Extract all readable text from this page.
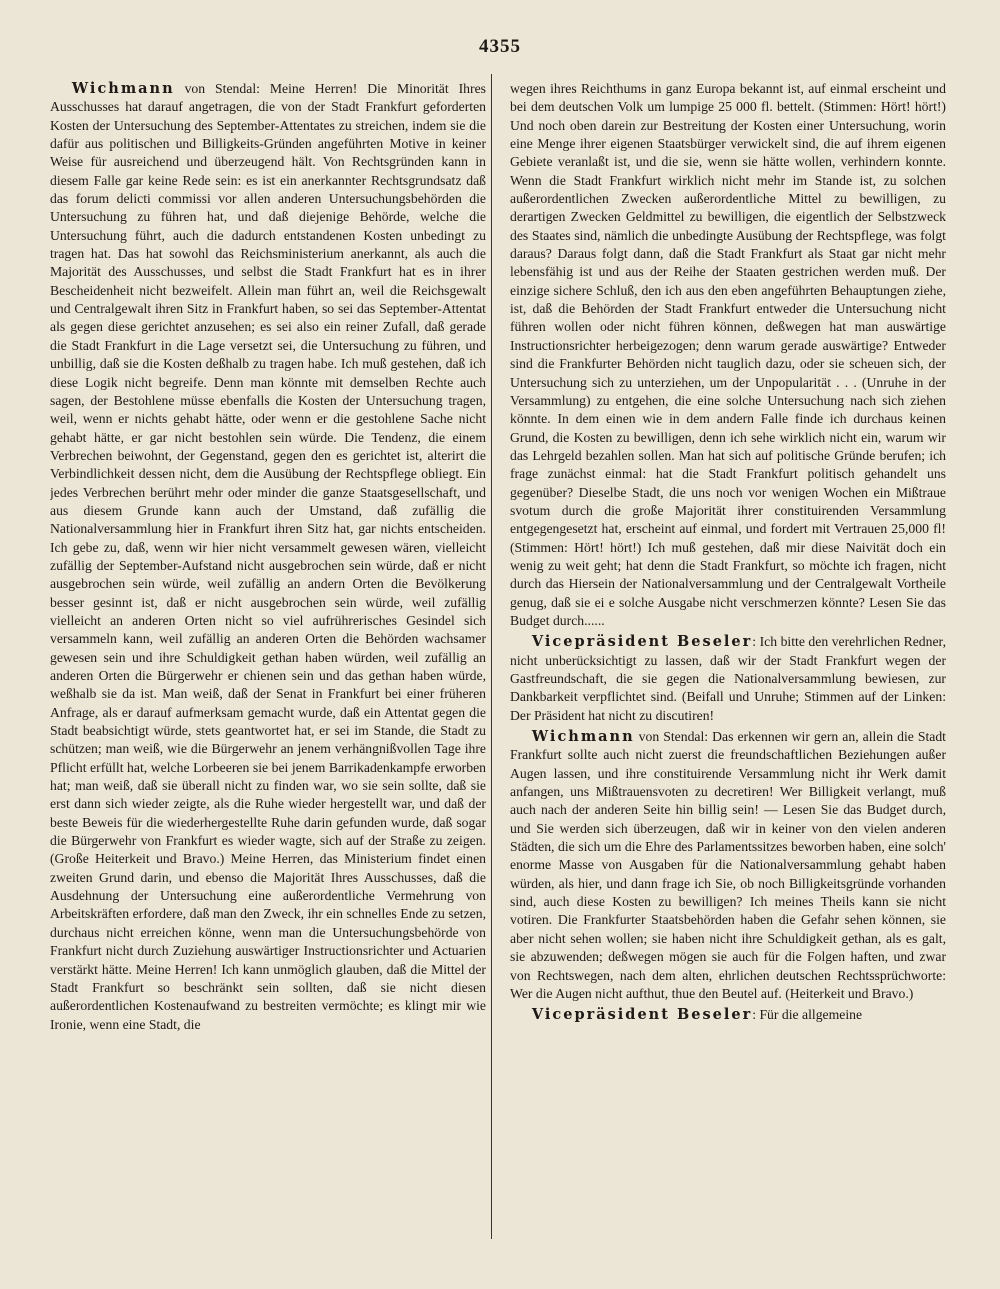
4355

Wichmann von Stendal: Meine Herren! Die Minorität Ihres Ausschusses hat darauf angetragen, die von der Stadt Frankfurt geforderten Kosten der Untersuchung des September-Attentates zu streichen, indem sie die dafür aus politischen und Billigkeits-Gründen angeführten Motive in keiner Weise für ausreichend und überzeugend hält. Von Rechtsgründen kann in diesem Falle gar keine Rede sein: es ist ein anerkannter Rechtsgrundsatz daß das forum delicti commissi vor allen anderen Untersuchungsbehörden die Untersuchung zu führen hat, und daß diejenige Behörde, welche die Untersuchung führt, auch die dadurch entstandenen Kosten unbedingt zu tragen hat. Das hat sowohl das Reichsministerium anerkannt, als auch die Majorität des Ausschusses, und selbst die Stadt Frankfurt hat es in ihrer Bescheidenheit nicht bezweifelt. Allein man führt an, weil die Reichsgewalt und Centralgewalt ihren Sitz in Frankfurt haben, so sei das September-Attentat als gegen diese gerichtet anzusehen; es sei also ein reiner Zufall, daß gerade die Stadt Frankfurt in die Lage versetzt sei, die Untersuchung zu führen, und unbillig, daß sie die Kosten deßhalb zu tragen habe. Ich muß gestehen, daß ich diese Logik nicht begreife. Denn man könnte mit demselben Rechte auch sagen, der Bestohlene müsse ebenfalls die Kosten der Untersuchung tragen, weil, wenn er nichts gehabt hätte, oder wenn er die gestohlene Sache nicht gehabt hätte, er gar nicht bestohlen sein würde. Die Tendenz, die einem Verbrechen beiwohnt, der Gegenstand, gegen den es gerichtet ist, alterirt die Verbindlichkeit dessen nicht, dem die Ausübung der Rechtspflege obliegt. Ein jedes Verbrechen berührt mehr oder minder die ganze Staatsgesellschaft, und aus diesem Grunde kann auch der Umstand, daß zufällig die Nationalversammlung hier in Frankfurt ihren Sitz hat, gar nichts entscheiden. Ich gebe zu, daß, wenn wir hier nicht versammelt gewesen wären, vielleicht zufällig der September-Aufstand nicht ausgebrochen sein würde, daß er nicht ausgebrochen sein würde, weil zufällig an andern Orten die Bevölkerung besser gesinnt ist, daß er nicht ausgebrochen sein würde, weil zufällig vielleicht an anderen Orten nicht so viel aufrührerisches Gesindel sich versammeln kann, weil zufällig an anderen Orten die Behörden wachsamer gewesen sein und ihre Schuldigkeit gethan haben würden, weil zufällig an anderen Orten die Bürgerwehr er chienen sein und das gethan haben würde, weßhalb sie da ist. Man weiß, daß der Senat in Frankfurt bei einer früheren Anfrage, als er darauf aufmerksam gemacht wurde, daß ein Attentat gegen die Stadt beabsichtigt würde, stets geantwortet hat, er sei im Stande, die Stadt zu schützen; man weiß, wie die Bürgerwehr an jenem verhängnißvollen Tage ihre Pflicht erfüllt hat, welche Lorbeeren sie bei jenem Barrikadenkampfe erworben hat; man weiß, daß sie überall nicht zu finden war, wo sie sein sollte, daß sie erst dann sich wieder zeigte, als die Ruhe wieder hergestellt war, und daß der beste Beweis für die wiederhergestellte Ruhe darin gefunden wurde, daß sogar die Bürgerwehr von Frankfurt es wieder wagte, sich auf der Straße zu zeigen. (Große Heiterkeit und Bravo.) Meine Herren, das Ministerium findet einen zweiten Grund darin, und ebenso die Majorität Ihres Ausschusses, daß die Ausdehnung der Untersuchung eine außerordentliche Vermehrung von Arbeitskräften erfordere, daß man den Zweck, ihr ein schnelles Ende zu setzen, durchaus nicht erreichen könne, wenn man die Untersuchungsbehörde von Frankfurt nicht durch Zuziehung auswärtiger Instructionsrichter und Actuarien verstärkt hätte. Meine Herren! Ich kann unmöglich glauben, daß die Mittel der Stadt Frankfurt so beschränkt sein sollten, daß sie nicht diesen außerordentlichen Kostenaufwand zu bestreiten vermöchte; es klingt mir wie Ironie, wenn eine Stadt, die

wegen ihres Reichthums in ganz Europa bekannt ist, auf einmal erscheint und bei dem deutschen Volk um lumpige 25 000 fl. bettelt. (Stimmen: Hört! hört!) Und noch oben darein zur Bestreitung der Kosten einer Untersuchung, worin eine Menge ihrer eigenen Staatsbürger verwickelt sind, die auf ihrem eigenen Gebiete veranlaßt ist, und die sie, wenn sie hätte wollen, verhindern konnte. Wenn die Stadt Frankfurt wirklich nicht mehr im Stande ist, zu solchen außerordentlichen Zwecken außerordentliche Mittel zu bewilligen, zu derartigen Zwecken Geldmittel zu bewilligen, die eigentlich der Selbstzweck des Staates sind, nämlich die unbedingte Ausübung der Rechtspflege, was folgt daraus? Daraus folgt dann, daß die Stadt Frankfurt als Staat gar nicht mehr lebensfähig ist und aus der Reihe der Staaten gestrichen werden muß. Der einzige sichere Schluß, den ich aus den eben angeführten Behauptungen ziehe, ist, daß die Behörden der Stadt Frankfurt entweder die Untersuchung nicht führen wollen oder nicht führen können, deßwegen hat man auswärtige Instructionsrichter herbeigezogen; denn warum gerade auswärtige? Entweder sind die Frankfurter Behörden nicht tauglich dazu, oder sie scheuen sich, der Untersuchung sich zu unterziehen, um der Unpopularität . . . (Unruhe in der Versammlung) zu entgehen, die eine solche Untersuchung nach sich ziehen könnte. In dem einen wie in dem andern Falle finde ich durchaus keinen Grund, die Kosten zu bewilligen, denn ich sehe wirklich nicht ein, warum wir das Lehrgeld bezahlen sollen. Man hat sich auf politische Gründe berufen; ich frage zunächst einmal: hat die Stadt Frankfurt politisch gehandelt uns gegenüber? Dieselbe Stadt, die uns noch vor wenigen Wochen ein Mißtraue svotum durch die große Majorität ihrer constituirenden Versammlung entgegengesetzt hat, erscheint auf einmal, und fordert mit Vertrauen 25,000 fl! (Stimmen: Hört! hört!) Ich muß gestehen, daß mir diese Naivität doch ein wenig zu weit geht; hat denn die Stadt Frankfurt, so möchte ich fragen, nicht durch das Hiersein der Nationalversammlung und der Centralgewalt Vortheile genug, daß sie ei e solche Ausgabe nicht verschmerzen könnte? Lesen Sie das Budget durch......

Vicepräsident Beseler: Ich bitte den verehrlichen Redner, nicht unberücksichtigt zu lassen, daß wir der Stadt Frankfurt wegen der Gastfreundschaft, die sie gegen die Nationalversammlung bewiesen, zur Dankbarkeit verpflichtet sind. (Beifall und Unruhe; Stimmen auf der Linken: Der Präsident hat nicht zu discutiren!

Wichmann von Stendal: Das erkennen wir gern an, allein die Stadt Frankfurt sollte auch nicht zuerst die freundschaftlichen Beziehungen außer Augen lassen, und ihre constituirende Versammlung nicht ihr Werk damit anfangen, uns Mißtrauensvoten zu decretiren! Wer Billigkeit verlangt, muß auch nach der anderen Seite hin billig sein! — Lesen Sie das Budget durch, und Sie werden sich überzeugen, daß wir in keiner von den vielen anderen Städten, die sich um die Ehre des Parlamentssitzes beworben haben, eine solch' enorme Masse von Ausgaben für die Nationalversammlung gehabt haben würden, als hier, und dann frage ich Sie, ob noch Billigkeitsgründe vorhanden sind, auch diese Kosten zu bewilligen? Ich meines Theils kann sie nicht votiren. Die Frankfurter Staatsbehörden haben die Gefahr sehen können, sie aber nicht sehen wollen; sie haben nicht ihre Schuldigkeit gethan, als es galt, sie abzuwenden; deßwegen mögen sie auch für die Folgen haften, und zwar von Rechtswegen, nach dem alten, ehrlichen deutschen Rechtssprüchworte: Wer die Augen nicht aufthut, thue den Beutel auf. (Heiterkeit und Bravo.)

Vicepräsident Beseler: Für die allgemeine
